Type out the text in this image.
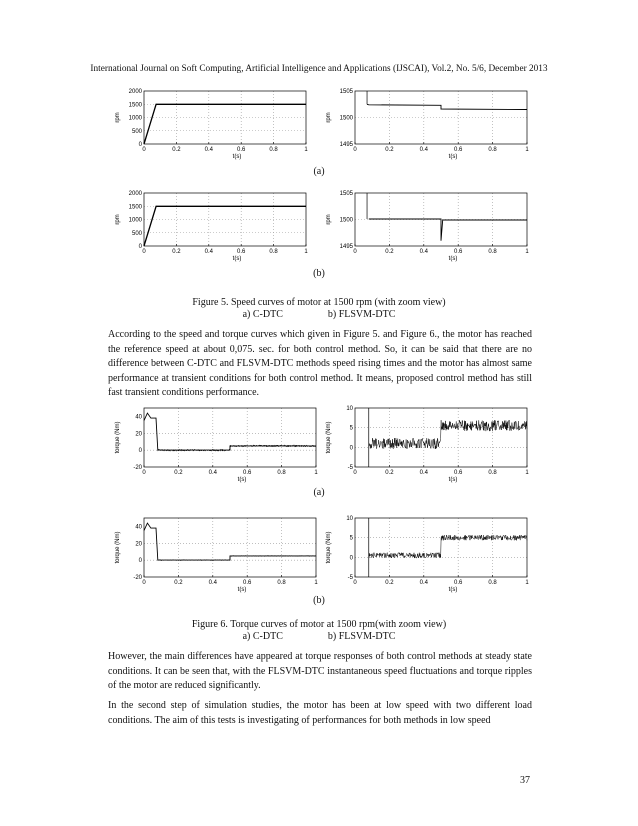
International Journal on Soft Computing, Artificial Intelligence and Applications (IJSCAI), Vol.2, No. 5/6, December 2013
0	0.2	0.4	0.6	0.8	1
0
500
1000
1500
2000
t(s)
rpm
0	0.2	0.4	0.6	0.8	1
1495
1500
1505
t(s)
rpm
(a)
0	0.2	0.4	0.6	0.8	1
0
500
1000
1500
2000
t(s)
rpm
0	0.2	0.4	0.6	0.8	1
1495
1500
1505
t(s)
rpm
(b)
Figure 5. Speed curves of motor at 1500 rpm (with zoom view)
a) C-DTC	b) FLSVM-DTC
According to the speed and torque curves which given in Figure 5. and Figure 6., the motor has reached the reference speed at about 0,075. sec. for both control method. So, it can be said that there are no difference between C-DTC and FLSVM-DTC methods speed rising times and the motor has almost same performance at transient conditions for both control method. It means, proposed control method has still fast transient conditions performance.
0	0.2	0.4	0.6	0.8	1
-20
0
20
40
t(s)
torque (Nm)
0	0.2	0.4	0.6	0.8	1
-5
0
5
10
t(s)
torque (Nm)
(a)
0	0.2	0.4	0.6	0.8	1
-20
0
20
40
t(s)
torque (Nm)
0	0.2	0.4	0.6	0.8	1
-5
0
5
10
t(s)
torque (Nm)
(b)
Figure 6. Torque curves of motor at 1500 rpm(with zoom view)
a) C-DTC	b) FLSVM-DTC
However, the main differences have appeared at torque responses of both control methods at steady state conditions. It can be seen that, with the FLSVM-DTC instantaneous speed fluctuations and torque ripples of the motor are reduced significantly.
In the second step of simulation studies, the motor has been at low speed with two different load conditions. The aim of this tests is investigating of performances for both methods in low speed
37
